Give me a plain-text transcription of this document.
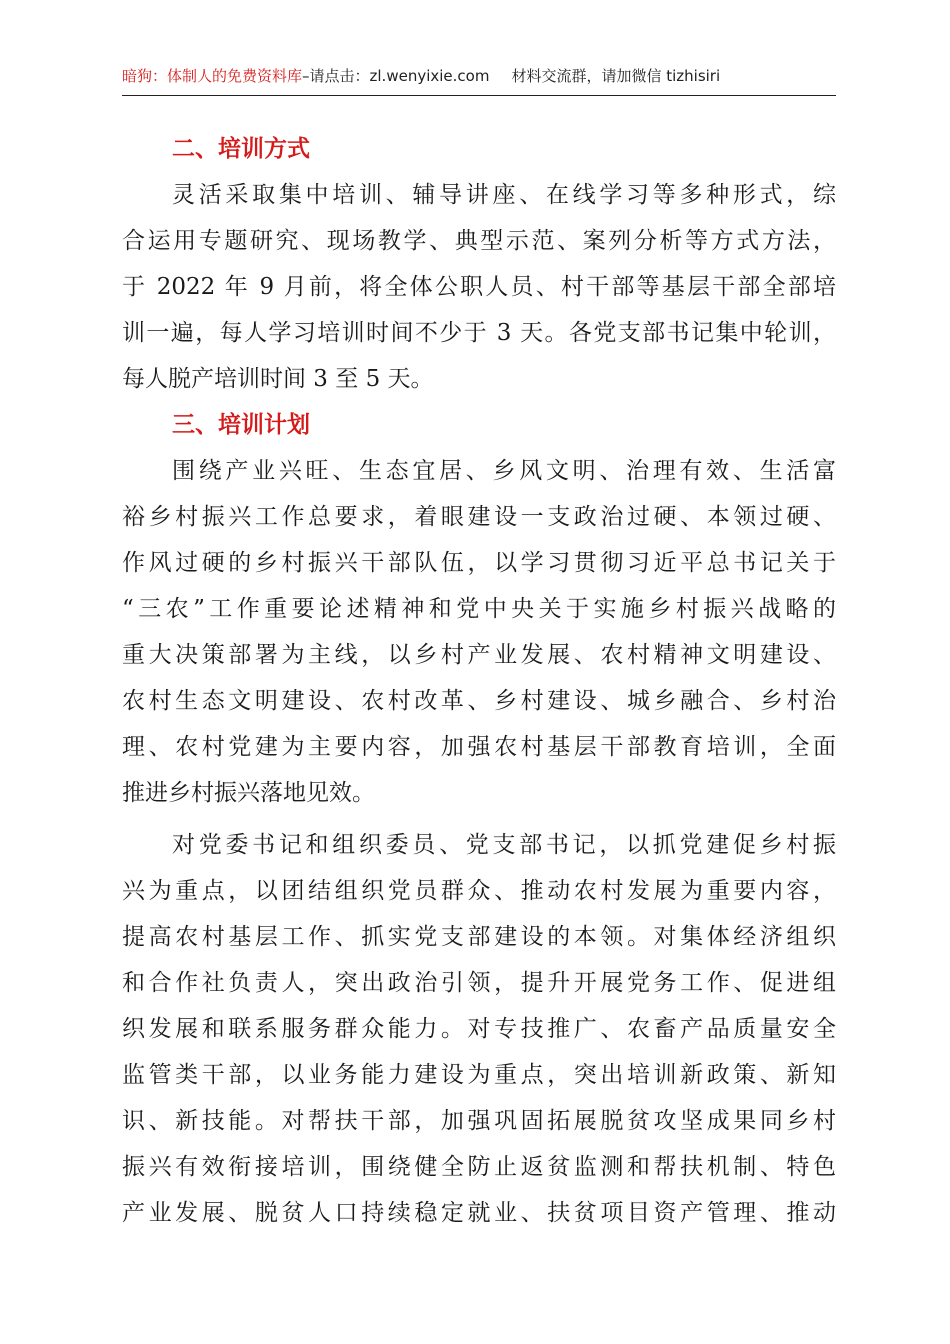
暗狗：体制人的免费资料库–请点击：zl.wenyixie.com 材料交流群，请加微信 tizhisiri
二、培训方式

灵活采取集中培训、辅导讲座、在线学习等多种形式，综

合运用专题研究、现场教学、典型示范、案列分析等方式方法，

于 2022 年 9 月前，将全体公职人员、村干部等基层干部全部培

训一遍，每人学习培训时间不少于 3 天。各党支部书记集中轮训，

每人脱产培训时间 3 至 5 天。

三、培训计划

围绕产业兴旺、生态宜居、乡风文明、治理有效、生活富

裕乡村振兴工作总要求，着眼建设一支政治过硬、本领过硬、

作风过硬的乡村振兴干部队伍，以学习贯彻习近平总书记关于

“三农”工作重要论述精神和党中央关于实施乡村振兴战略的

重大决策部署为主线，以乡村产业发展、农村精神文明建设、

农村生态文明建设、农村改革、乡村建设、城乡融合、乡村治

理、农村党建为主要内容，加强农村基层干部教育培训，全面

推进乡村振兴落地见效。

对党委书记和组织委员、党支部书记，以抓党建促乡村振

兴为重点，以团结组织党员群众、推动农村发展为重要内容，

提高农村基层工作、抓实党支部建设的本领。对集体经济组织

和合作社负责人，突出政治引领，提升开展党务工作、促进组

织发展和联系服务群众能力。对专技推广、农畜产品质量安全

监管类干部，以业务能力建设为重点，突出培训新政策、新知

识、新技能。对帮扶干部，加强巩固拓展脱贫攻坚成果同乡村

振兴有效衔接培训，围绕健全防止返贫监测和帮扶机制、特色

产业发展、脱贫人口持续稳定就业、扶贫项目资产管理、推动
